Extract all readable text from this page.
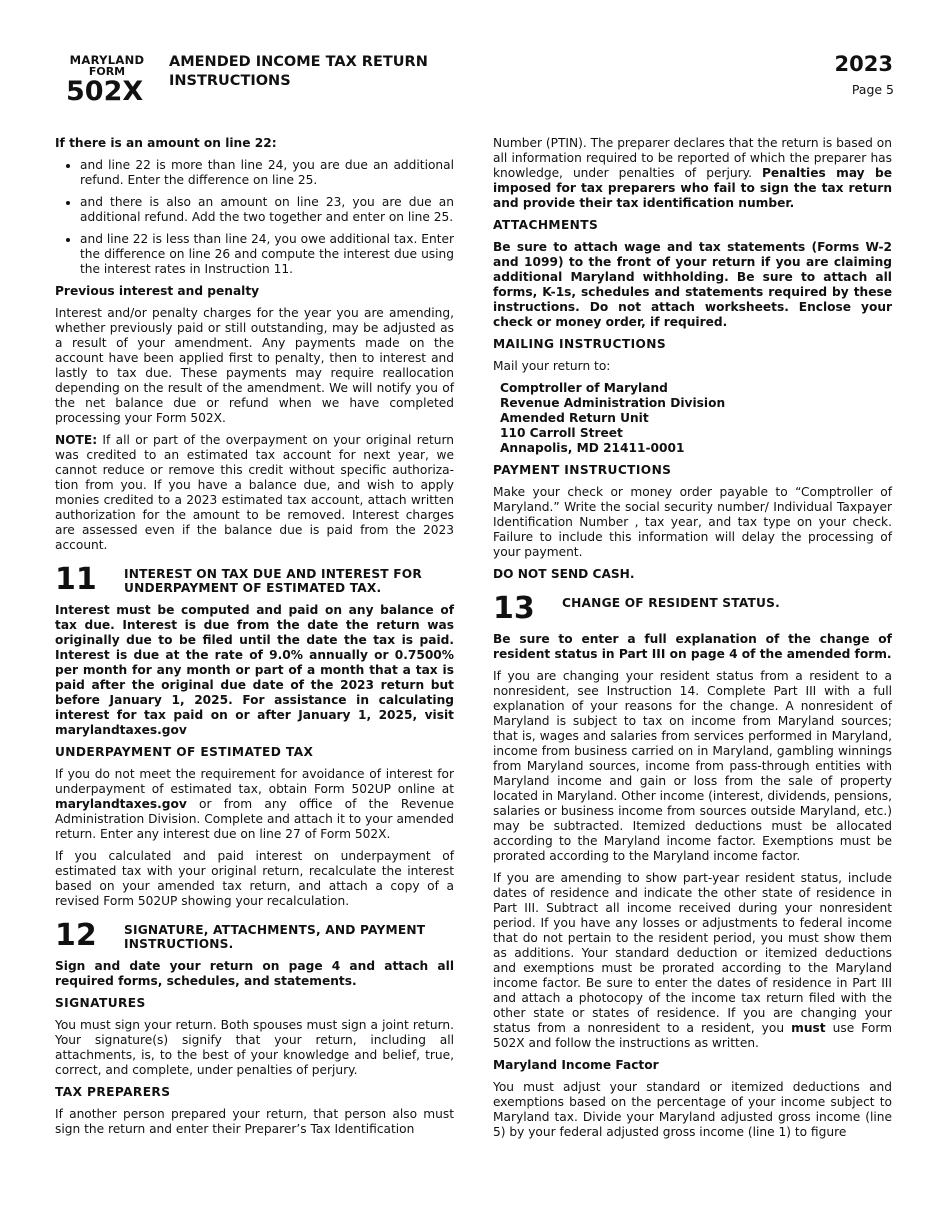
MARYLAND
FORM
502X
AMENDED INCOME TAX RETURN INSTRUCTIONS
2023
Page 5
If there is an amount on line 22:
• and line 22 is more than line 24, you are due an additional refund. Enter the difference on line 25.
• and there is also an amount on line 23, you are due an additional refund. Add the two together and enter on line 25.
• and line 22 is less than line 24, you owe additional tax. Enter the difference on line 26 and compute the interest due using the interest rates in Instruction 11.
Previous interest and penalty

Interest and/or penalty charges for the year you are amending, whether previously paid or still outstanding, may be adjusted as a result of your amendment. Any payments made on the account have been applied first to penalty, then to interest and lastly to tax due. These payments may require reallocation depending on the result of the amendment. We will notify you of the net balance due or refund when we have completed processing your Form 502X.

NOTE: If all or part of the overpayment on your original return was credited to an estimated tax account for next year, we cannot reduce or remove this credit without specific authorization from you. If you have a balance due, and wish to apply monies credited to a 2023 estimated tax account, attach written authorization for the amount to be removed. Interest charges are assessed even if the balance due is paid from the 2023 account.

11	INTEREST ON TAX DUE AND INTEREST FOR UNDERPAYMENT OF ESTIMATED TAX.

Interest must be computed and paid on any balance of tax due. Interest is due from the date the return was originally due to be filed until the date the tax is paid. Interest is due at the rate of 9.0% annually or 0.7500% per month for any month or part of a month that a tax is paid after the original due date of the 2023 return but before January 1, 2025. For assistance in calculating interest for tax paid on or after January 1, 2025, visit marylandtaxes.gov

UNDERPAYMENT OF ESTIMATED TAX

If you do not meet the requirement for avoidance of interest for underpayment of estimated tax, obtain Form 502UP online at marylandtaxes.gov or from any office of the Revenue Administration Division. Complete and attach it to your amended return. Enter any interest due on line 27 of Form 502X.

If you calculated and paid interest on underpayment of estimated tax with your original return, recalculate the interest based on your amended tax return, and attach a copy of a revised Form 502UP showing your recalculation.

12	SIGNATURE, ATTACHMENTS, AND PAYMENT INSTRUCTIONS.

Sign and date your return on page 4 and attach all required forms, schedules, and statements.

SIGNATURES

You must sign your return. Both spouses must sign a joint return. Your signature(s) signify that your return, including all attachments, is, to the best of your knowledge and belief, true, correct, and complete, under penalties of perjury.

TAX PREPARERS

If another person prepared your return, that person also must sign the return and enter their Preparer’s Tax Identification

Number (PTIN). The preparer declares that the return is based on all information required to be reported of which the preparer has knowledge, under penalties of perjury. Penalties may be imposed for tax preparers who fail to sign the tax return and provide their tax identification number.

ATTACHMENTS

Be sure to attach wage and tax statements (Forms W-2 and 1099) to the front of your return if you are claiming additional Maryland withholding. Be sure to attach all forms, K-1s, schedules and statements required by these instructions. Do not attach worksheets. Enclose your check or money order, if required.

MAILING INSTRUCTIONS

Mail your return to:

Comptroller of Maryland
Revenue Administration Division
Amended Return Unit
110 Carroll Street
Annapolis, MD 21411-0001
PAYMENT INSTRUCTIONS

Make your check or money order payable to “Comptroller of Maryland.” Write the social security number/ Individual Taxpayer Identification Number , tax year, and tax type on your check. Failure to include this information will delay the processing of your payment.

DO NOT SEND CASH.
13	CHANGE OF RESIDENT STATUS.

Be sure to enter a full explanation of the change of resident status in Part III on page 4 of the amended form.

If you are changing your resident status from a resident to a nonresident, see Instruction 14. Complete Part III with a full explanation of your reasons for the change. A nonresident of Maryland is subject to tax on income from Maryland sources; that is, wages and salaries from services performed in Maryland, income from business carried on in Maryland, gambling winnings from Maryland sources, income from pass-through entities with Maryland income and gain or loss from the sale of property located in Maryland. Other income (interest, dividends, pensions, salaries or business income from sources outside Maryland, etc.) may be subtracted. Itemized deductions must be allocated according to the Maryland income factor. Exemptions must be prorated according to the Maryland income factor.

If you are amending to show part-year resident status, include dates of residence and indicate the other state of residence in Part III. Subtract all income received during your nonresident period. If you have any losses or adjustments to federal income that do not pertain to the resident period, you must show them as additions. Your standard deduction or itemized deductions and exemptions must be prorated according to the Maryland income factor. Be sure to enter the dates of residence in Part III and attach a photocopy of the income tax return filed with the other state or states of residence. If you are changing your status from a nonresident to a resident, you must use Form 502X and follow the instructions as written.

Maryland Income Factor

You must adjust your standard or itemized deductions and exemptions based on the percentage of your income subject to Maryland tax. Divide your Maryland adjusted gross income (line 5) by your federal adjusted gross income (line 1) to figure
